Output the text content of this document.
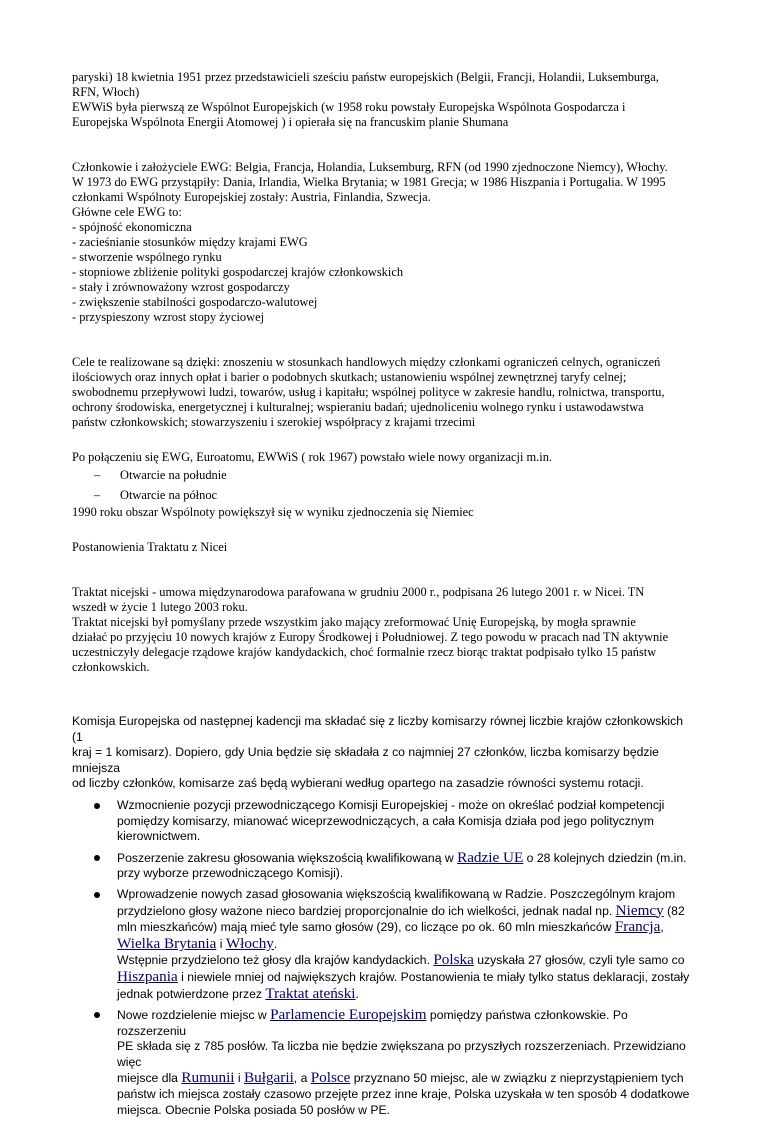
paryski) 18 kwietnia 1951 przez przedstawicieli sześciu państw europejskich (Belgii, Francji, Holandii, Luksemburga,

RFN, Włoch)

EWWiS była pierwszą ze Wspólnot Europejskich (w 1958 roku powstały Europejska Wspólnota Gospodarcza i

Europejska Wspólnota Energii Atomowej ) i opierała się na francuskim planie Shumana

Członkowie i założyciele EWG: Belgia, Francja, Holandia, Luksemburg, RFN (od 1990 zjednoczone Niemcy), Włochy.

W 1973 do EWG przystąpiły: Dania, Irlandia, Wielka Brytania; w 1981 Grecja; w 1986 Hiszpania i Portugalia. W 1995

członkami Wspólnoty Europejskiej zostały: Austria, Finlandia, Szwecja.

Główne cele EWG to:

- spójność ekonomiczna

- zacieśnianie stosunków między krajami EWG

- stworzenie wspólnego rynku

- stopniowe zbliżenie polityki gospodarczej krajów członkowskich

- stały i zrównoważony wzrost gospodarczy

- zwiększenie stabilności gospodarczo-walutowej

- przyspieszony wzrost stopy życiowej

Cele te realizowane są dzięki: znoszeniu w stosunkach handlowych między członkami ograniczeń celnych, ograniczeń

ilościowych oraz innych opłat i barier o podobnych skutkach; ustanowieniu wspólnej zewnętrznej taryfy celnej;

swobodnemu przepływowi ludzi, towarów, usług i kapitału; wspólnej polityce w zakresie handlu, rolnictwa, transportu,

ochrony środowiska, energetycznej i kulturalnej; wspieraniu badań; ujednoliceniu wolnego rynku i ustawodawstwa

państw członkowskich; stowarzyszeniu i szerokiej współpracy z krajami trzecimi

Po połączeniu się EWG, Euroatomu, EWWiS ( rok 1967) powstało wiele nowy organizacji m.in.

– Otwarcie na południe
– Otwarcie na północ

1990 roku obszar Wspólnoty powiększył się w wyniku zjednoczenia się Niemiec

Postanowienia Traktatu z Nicei

Traktat nicejski - umowa międzynarodowa parafowana w grudniu 2000 r., podpisana 26 lutego 2001 r. w Nicei. TN

wszedł w życie 1 lutego 2003 roku.

Traktat nicejski był pomyślany przede wszystkim jako mający zreformować Unię Europejską, by mogła sprawnie

działać po przyjęciu 10 nowych krajów z Europy Środkowej i Południowej. Z tego powodu w pracach nad TN aktywnie

uczestniczyły delegacje rządowe krajów kandydackich, choć formalnie rzecz biorąc traktat podpisało tylko 15 państw

członkowskich.

Komisja Europejska od następnej kadencji ma składać się z liczby komisarzy równej liczbie krajów członkowskich (1

kraj = 1 komisarz). Dopiero, gdy Unia będzie się składała z co najmniej 27 członków, liczba komisarzy będzie mniejsza

od liczby członków, komisarze zaś będą wybierani według opartego na zasadzie równości systemu rotacji.

Wzmocnienie pozycji przewodniczącego Komisji Europejskiej - może on określać podział kompetencji

pomiędzy komisarzy, mianować wiceprzewodniczących, a cała Komisja działa pod jego politycznym

kierownictwem.

Poszerzenie zakresu głosowania większością kwalifikowaną w Radzie UE o 28 kolejnych dziedzin (m.in.

przy wyborze przewodniczącego Komisji).

Wprowadzenie nowych zasad głosowania większością kwalifikowaną w Radzie. Poszczególnym krajom

przydzielono głosy ważone nieco bardziej proporcjonalnie do ich wielkości, jednak nadal np. Niemcy (82

mln mieszkańców) mają mieć tyle samo głosów (29), co liczące po ok. 60 mln mieszkańców Francja,

Wielka Brytania i Włochy.

Wstępnie przydzielono też głosy dla krajów kandydackich. Polska uzyskała 27 głosów, czyli tyle samo co

Hiszpania i niewiele mniej od największych krajów. Postanowienia te miały tylko status deklaracji, zostały

jednak potwierdzone przez Traktat ateński.

Nowe rozdzielenie miejsc w Parlamencie Europejskim pomiędzy państwa członkowskie. Po rozszerzeniu

PE składa się z 785 posłów. Ta liczba nie będzie zwiększana po przyszłych rozszerzeniach. Przewidziano więc

miejsce dla Rumunii i Bułgarii, a Polsce przyznano 50 miejsc, ale w związku z nieprzystąpieniem tych

państw ich miejsca zostały czasowo przejęte przez inne kraje, Polska uzyskała w ten sposób 4 dodatkowe

miejsca. Obecnie Polska posiada 50 posłów w PE.
